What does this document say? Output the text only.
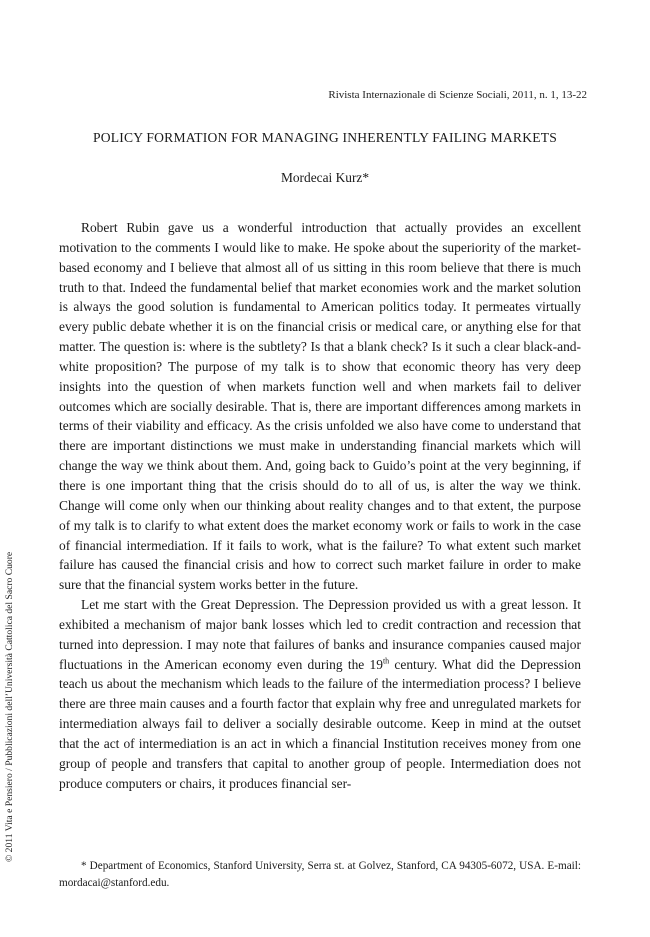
Rivista Internazionale di Scienze Sociali, 2011, n. 1, 13-22
POLICY FORMATION FOR MANAGING INHERENTLY FAILING MARKETS
Mordecai Kurz*

Robert Rubin gave us a wonderful introduction that actually provides an excellent motivation to the comments I would like to make. He spoke about the superiority of the market-based economy and I believe that almost all of us sitting in this room believe that there is much truth to that. Indeed the fundamental belief that market economies work and the market solution is always the good solution is fundamental to American politics today. It permeates virtually every public debate whether it is on the financial crisis or medical care, or anything else for that matter. The question is: where is the subtlety? Is that a blank check? Is it such a clear black-and-white proposition? The purpose of my talk is to show that economic theory has very deep insights into the question of when markets function well and when markets fail to deliver outcomes which are socially desirable. That is, there are important differences among markets in terms of their viability and efficacy. As the crisis unfolded we also have come to understand that there are important distinctions we must make in understanding financial markets which will change the way we think about them. And, going back to Guido’s point at the very beginning, if there is one important thing that the crisis should do to all of us, is alter the way we think. Change will come only when our thinking about reality changes and to that extent, the purpose of my talk is to clarify to what extent does the market economy work or fails to work in the case of financial intermediation. If it fails to work, what is the failure? To what extent such market failure has caused the financial crisis and how to correct such market failure in order to make sure that the financial system works better in the future.

Let me start with the Great Depression. The Depression provided us with a great lesson. It exhibited a mechanism of major bank losses which led to credit contraction and recession that turned into depression. I may note that failures of banks and insurance companies caused major fluctuations in the American economy even during the 19th century. What did the Depression teach us about the mechanism which leads to the failure of the intermediation process? I believe there are three main causes and a fourth factor that explain why free and unregulated markets for intermediation always fail to deliver a socially desirable outcome. Keep in mind at the outset that the act of intermediation is an act in which a financial Institution receives money from one group of people and transfers that capital to another group of people. Intermediation does not produce computers or chairs, it produces financial ser-

© 2011 Vita e Pensiero / Pubblicazioni dell’Università Cattolica del Sacro Cuore
* Department of Economics, Stanford University, Serra st. at Golvez, Stanford, CA 94305-6072, USA. E-mail: mordacai@stanford.edu.
